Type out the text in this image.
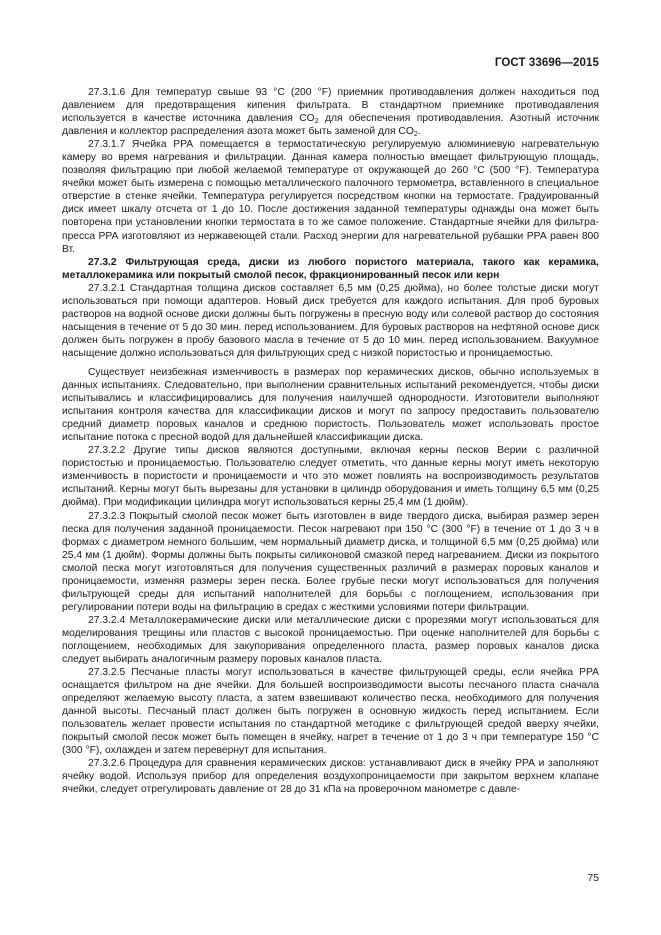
ГОСТ 33696—2015

27.3.1.6 Для температур свыше 93 °С (200 °F) приемник противодавления должен находиться под давлением для предотвращения кипения фильтрата. В стандартном приемнике противодавления используется в качестве источника давления $CO_2$ для обеспечения противодавления. Азотный источник давления и коллектор распределения азота может быть заменой для $CO_2$.

27.3.1.7 Ячейка РРА помещается в термостатическую регулируемую алюминиевую нагревательную камеру во время нагревания и фильтрации. Данная камера полностью вмещает фильтрующую площадь, позволяя фильтрацию при любой желаемой температуре от окружающей до 260 °С (500 °F). Температура ячейки может быть измерена с помощью металлического палочного термометра, вставленного в специальное отверстие в стенке ячейки. Температура регулируется посредством кнопки на термостате. Градуированный диск имеет шкалу отсчета от 1 до 10. После достижения заданной температуры однажды она может быть повторена при установлении кнопки термостата в то же самое положение. Стандартные ячейки для фильтра-пресса РРА изготовляют из нержавеющей стали. Расход энергии для нагревательной рубашки РРА равен 800 Вт.

27.3.2 Фильтрующая среда, диски из любого пористого материала, такого как керамика, металлокерамика или покрытый смолой песок, фракционированный песок или керн

27.3.2.1 Стандартная толщина дисков составляет 6,5 мм (0,25 дюйма), но более толстые диски могут использоваться при помощи адаптеров. Новый диск требуется для каждого испытания. Для проб буровых растворов на водной основе диски должны быть погружены в пресную воду или солевой раствор до состояния насыщения в течение от 5 до 30 мин. перед использованием. Для буровых растворов на нефтяной основе диск должен быть погружен в пробу базового масла в течение от 5 до 10 мин. перед использованием. Вакуумное насыщение должно использоваться для фильтрующих сред с низкой пористостью и проницаемостью.

Существует неизбежная изменчивость в размерах пор керамических дисков, обычно используемых в данных испытаниях. Следовательно, при выполнении сравнительных испытаний рекомендуется, чтобы диски испытывались и классифицировались для получения наилучшей однородности. Изготовители выполняют испытания контроля качества для классификации дисков и могут по запросу предоставить пользователю средний диаметр поровых каналов и среднюю пористость. Пользователь может использовать простое испытание потока с пресной водой для дальнейшей классификации диска.

27.3.2.2 Другие типы дисков являются доступными, включая керны песков Верии с различной пористостью и проницаемостью. Пользователю следует отметить, что данные керны могут иметь некоторую изменчивость в пористости и проницаемости и что это может повлиять на воспроизводимость результатов испытаний. Керны могут быть вырезаны для установки в цилиндр оборудования и иметь толщину 6,5 мм (0,25 дюйма). При модификации цилиндра могут использоваться керны 25,4 мм (1 дюйм).

27.3.2.3 Покрытый смолой песок может быть изготовлен в виде твердого диска, выбирая размер зерен песка для получения заданной проницаемости. Песок нагревают при 150 °С (300 °F) в течение от 1 до 3 ч в формах с диаметром немного большим, чем нормальный диаметр диска, и толщиной 6,5 мм (0,25 дюйма) или 25,4 мм (1 дюйм). Формы должны быть покрыты силиконовой смазкой перед нагреванием. Диски из покрытого смолой песка могут изготовляться для получения существенных различий в размерах поровых каналов и проницаемости, изменяя размеры зерен песка. Более грубые пески могут использоваться для получения фильтрующей среды для испытаний наполнителей для борьбы с поглощением, использования при регулировании потери воды на фильтрацию в средах с жесткими условиями потери фильтрации.

27.3.2.4 Металлокерамические диски или металлические диски с прорезями могут использоваться для моделирования трещины или пластов с высокой проницаемостью. При оценке наполнителей для борьбы с поглощением, необходимых для закупоривания определенного пласта, размер поровых каналов диска следует выбирать аналогичным размеру поровых каналов пласта.

27.3.2.5 Песчаные пласты могут использоваться в качестве фильтрующей среды, если ячейка РРА оснащается фильтром на дне ячейки. Для большей воспроизводимости высоты песчаного пласта сначала определяют желаемую высоту пласта, а затем взвешивают количество песка, необходимого для получения данной высоты. Песчаный пласт должен быть погружен в основную жидкость перед испытанием. Если пользователь желает провести испытания по стандартной методике с фильтрующей средой вверху ячейки, покрытый смолой песок может быть помещен в ячейку, нагрет в течение от 1 до 3 ч при температуре 150 °С (300 °F), охлажден и затем перевернут для испытания.

27.3.2.6 Процедура для сравнения керамических дисков: устанавливают диск в ячейку РРА и заполняют ячейку водой. Используя прибор для определения воздухопроницаемости при закрытом верхнем клапане ячейки, следует отрегулировать давление от 28 до 31 кПа на проверочном манометре с давле-

75
